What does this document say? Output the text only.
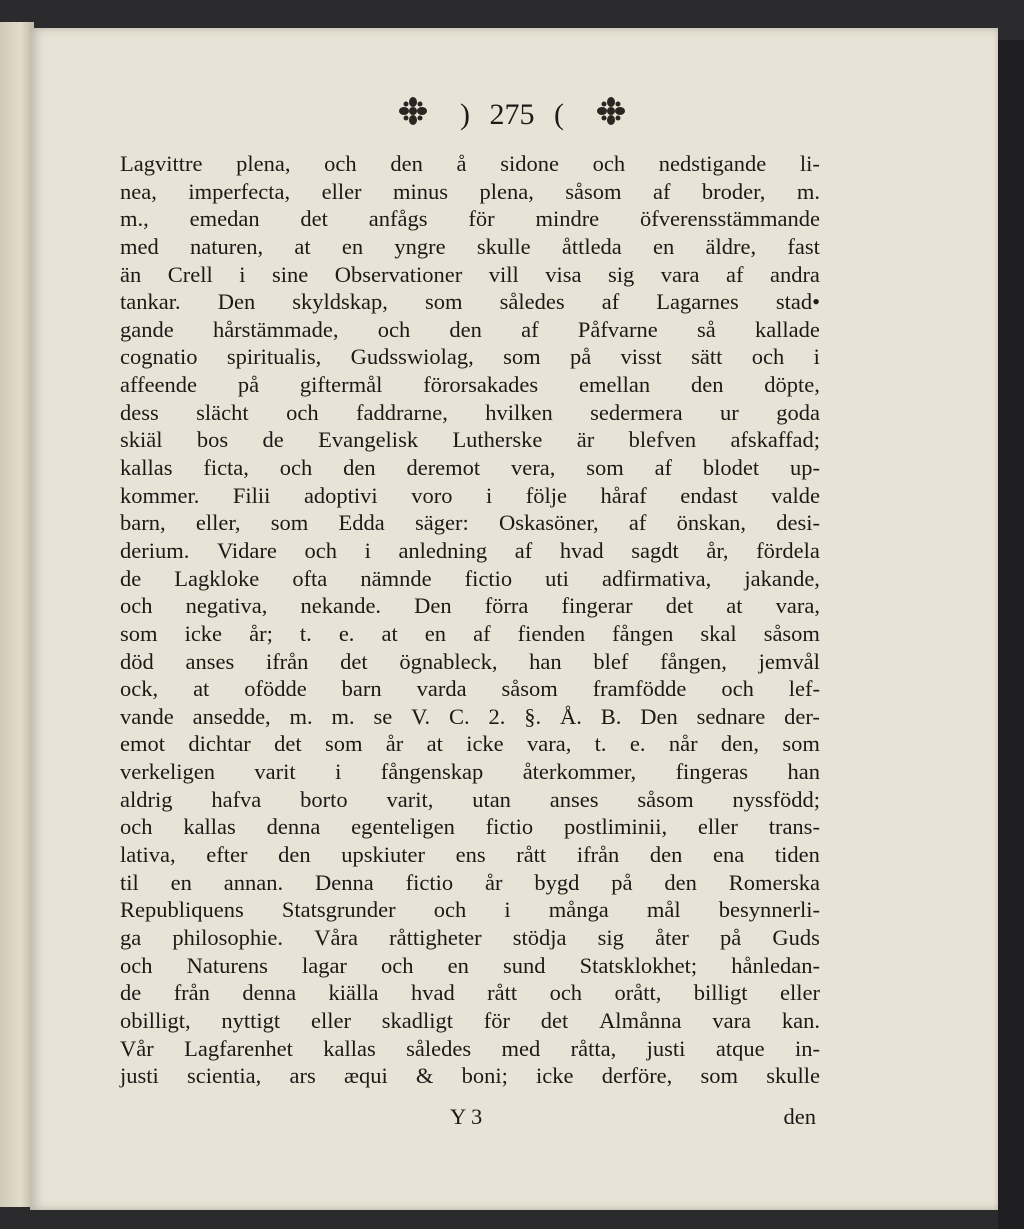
) 275 (
Lagvittre plena, och den å sidone och nedstigande li-
nea, imperfecta, eller minus plena, såsom af broder, m.
m., emedan det anfågs för mindre öfverensstämmande
med naturen, at en yngre skulle åttleda en äldre, fast
än Crell i sine Observationer vill visa sig vara af andra
tankar. Den skyldskap, som således af Lagarnes stad•
gande hårstämmade, och den af Påfvarne så kallade
cognatio spiritualis, Gudsswiolag, som på visst sätt och i
affeende på giftermål förorsakades emellan den döpte,
dess slächt och faddrarne, hvilken sedermera ur goda
skiäl bos de Evangelisk Lutherske är blefven afskaffad;
kallas ficta, och den deremot vera, som af blodet up-
kommer. Filii adoptivi voro i följe håraf endast valde
barn, eller, som Edda säger: Oskasöner, af önskan, desi-
derium. Vidare och i anledning af hvad sagdt år, fördela
de Lagkloke ofta nämnde fictio uti adfirmativa, jakande,
och negativa, nekande. Den förra fingerar det at vara,
som icke år; t. e. at en af fienden fången skal såsom
död anses ifrån det ögnableck, han blef fången, jemvål
ock, at ofödde barn varda såsom framfödde och lef-
vande ansedde, m. m. se V. C. 2. §. Å. B. Den sednare der-
emot dichtar det som år at icke vara, t. e. når den, som
verkeligen varit i fångenskap återkommer, fingeras han
aldrig hafva borto varit, utan anses såsom nyssfödd;
och kallas denna egenteligen fictio postliminii, eller trans-
lativa, efter den upskiuter ens rått ifrån den ena tiden
til en annan. Denna fictio år bygd på den Romerska
Republiquens Statsgrunder och i många mål besynnerli-
ga philosophie. Våra råttigheter stödja sig åter på Guds
och Naturens lagar och en sund Statsklokhet; hånledan-
de från denna kiälla hvad rått och orått, billigt eller
obilligt, nyttigt eller skadligt för det Almånna vara kan.
Vår Lagfarenhet kallas således med råtta, justi atque in-
justi scientia, ars æqui & boni; icke derföre, som skulle
Y 3	den
